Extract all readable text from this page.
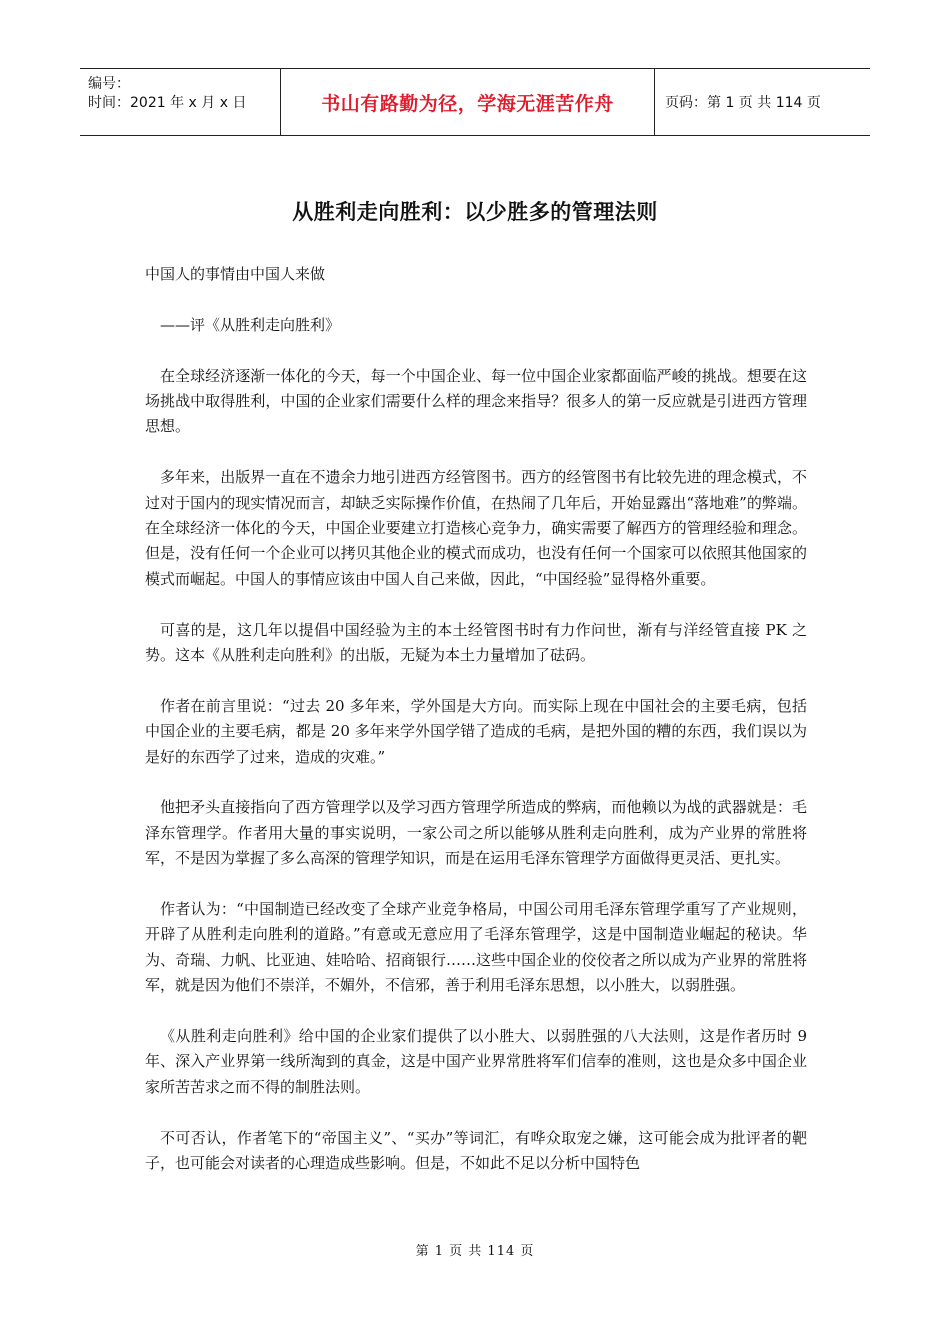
编号：
时间：2021 年 x 月 x 日	书山有路勤为径，学海无涯苦作舟	页码：第 1 页 共 114 页
从胜利走向胜利：以少胜多的管理法则

中国人的事情由中国人来做

——评《从胜利走向胜利》

在全球经济逐渐一体化的今天，每一个中国企业、每一位中国企业家都面临严峻的挑战。想要在这场挑战中取得胜利，中国的企业家们需要什么样的理念来指导？很多人的第一反应就是引进西方管理思想。

多年来，出版界一直在不遗余力地引进西方经管图书。西方的经管图书有比较先进的理念模式，不过对于国内的现实情况而言，却缺乏实际操作价值，在热闹了几年后，开始显露出“落地难”的弊端。在全球经济一体化的今天，中国企业要建立打造核心竞争力，确实需要了解西方的管理经验和理念。但是，没有任何一个企业可以拷贝其他企业的模式而成功，也没有任何一个国家可以依照其他国家的模式而崛起。中国人的事情应该由中国人自己来做，因此，“中国经验”显得格外重要。

可喜的是，这几年以提倡中国经验为主的本土经管图书时有力作问世，渐有与洋经管直接 PK 之势。这本《从胜利走向胜利》的出版，无疑为本土力量增加了砝码。

作者在前言里说：“过去 20 多年来，学外国是大方向。而实际上现在中国社会的主要毛病，包括中国企业的主要毛病，都是 20 多年来学外国学错了造成的毛病，是把外国的糟的东西，我们误以为是好的东西学了过来，造成的灾难。”

他把矛头直接指向了西方管理学以及学习西方管理学所造成的弊病，而他赖以为战的武器就是：毛泽东管理学。作者用大量的事实说明，一家公司之所以能够从胜利走向胜利，成为产业界的常胜将军，不是因为掌握了多么高深的管理学知识，而是在运用毛泽东管理学方面做得更灵活、更扎实。

作者认为：“中国制造已经改变了全球产业竞争格局，中国公司用毛泽东管理学重写了产业规则，开辟了从胜利走向胜利的道路。”有意或无意应用了毛泽东管理学，这是中国制造业崛起的秘诀。华为、奇瑞、力帆、比亚迪、娃哈哈、招商银行……这些中国企业的佼佼者之所以成为产业界的常胜将军，就是因为他们不崇洋，不媚外，不信邪，善于利用毛泽东思想，以小胜大，以弱胜强。

《从胜利走向胜利》给中国的企业家们提供了以小胜大、以弱胜强的八大法则，这是作者历时 9 年、深入产业界第一线所淘到的真金，这是中国产业界常胜将军们信奉的准则，这也是众多中国企业家所苦苦求之而不得的制胜法则。

不可否认，作者笔下的“帝国主义”、“买办”等词汇，有哗众取宠之嫌，这可能会成为批评者的靶子，也可能会对读者的心理造成些影响。但是，不如此不足以分析中国特色

第 1 页 共 114 页
